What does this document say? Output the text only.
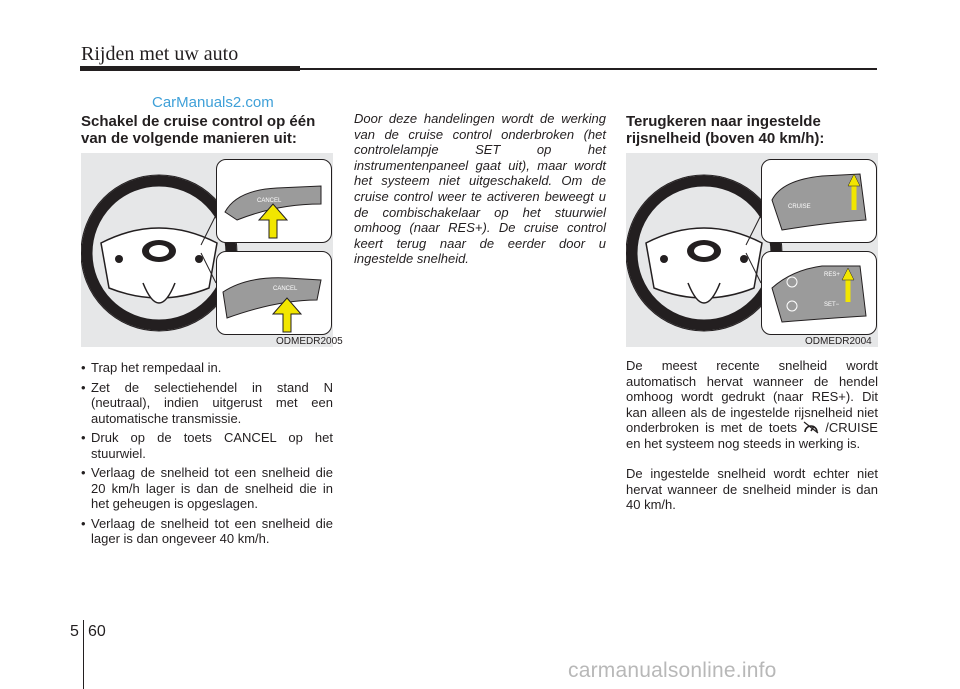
Rijden met uw auto
CarManuals2.com
Schakel de cruise control op één van de volgende manieren uit:
CANCEL
CANCEL
ODMEDR2005
• Trap het rempedaal in.
• Zet de selectiehendel in stand N (neutraal), indien uitgerust met een automatische transmissie.
• Druk op de toets CANCEL op het stuurwiel.
• Verlaag de snelheid tot een snelheid die 20 km/h lager is dan de snelheid die in het geheugen is opgeslagen.
• Verlaag de snelheid tot een snelheid die lager is dan ongeveer 40 km/h.

Door deze handelingen wordt de werking van de cruise control onderbroken (het controlelampje SET op het instrumentenpaneel gaat uit), maar wordt het systeem niet uitgeschakeld. Om de cruise control weer te activeren beweegt u de combischakelaar op het stuurwiel omhoog (naar RES+). De cruise control keert terug naar de eerder door u ingestelde snelheid.

Terugkeren naar ingestelde rijsnelheid (boven 40 km/h):
CRUISE
RES+
SET−
ODMEDR2004

De meest recente snelheid wordt automatisch hervat wanneer de hendel omhoog wordt gedrukt (naar RES+). Dit kan alleen als de ingestelde rijsnelheid niet onderbroken is met de toets /CRUISE en het systeem nog steeds in werking is.

De ingestelde snelheid wordt echter niet hervat wanneer de snelheid minder is dan 40 km/h.

5 60
carmanualsonline.info
